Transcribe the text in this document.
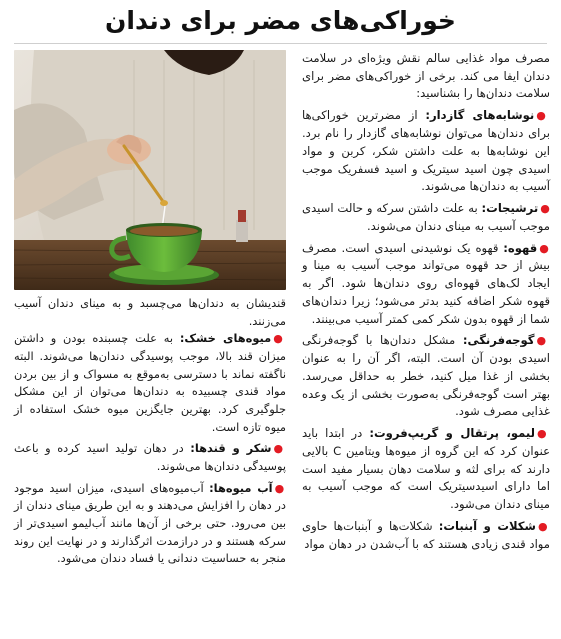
خوراکی‌های مضر برای دندان

مصرف مواد غذایی سالم نقش ویژه‌ای در سلامت دندان ایفا می کند. برخی از خوراکی‌های مضر برای سلامت دندان‌ها را بشناسید:

●نوشابه‌های گازدار: از مضرترین خوراکی‌ها برای دندان‌ها می‌توان نوشابه‌های گازدار را نام برد. این نوشابه‌ها به علت داشتن شکر، کربن و مواد اسیدی چون اسید سیتریک و اسید فسفریک موجب آسیب به دندان‌ها می‌شوند.

●ترشیجات: به علت داشتن سرکه و حالت اسیدی موجب آسیب به مینای دندان می‌شوند.

●قهوه: قهوه یک نوشیدنی اسیدی است. مصرف بیش از حد قهوه می‌تواند موجب آسیب به مینا و ایجاد لک‌های قهوه‌ای روی دندان‌ها شود. اگر به قهوه شکر اضافه کنید بدتر می‌شود؛ زیرا دندان‌های شما از قهوه بدون شکر کمی کمتر آسیب می‌بینند.

●گوجه‌فرنگی: مشکل دندان‌ها با گوجه‌فرنگی اسیدی بودن آن است. البته، اگر آن را به عنوان بخشی از غذا میل کنید، خطر به حداقل می‌رسد. بهتر است گوجه‌فرنگی به‌صورت بخشی از یک وعده غذایی مصرف شود.

●لیمو، پرتقال و گریپ‌فروت: در ابتدا باید عنوان کرد که این گروه از میوه‌ها ویتامین C بالایی دارند که برای لثه و سلامت دهان بسیار مفید است اما دارای اسیدسیتریک است که موجب آسیب به مینای دندان می‌شود.

●شکلات و آبنبات: شکلات‌ها و آبنبات‌ها حاوی مواد قندی زیادی هستند که با آب‌شدن در دهان مواد

قندیشان به دندان‌ها می‌چسبد و به مینای دندان آسیب می‌زنند.

●میوه‌های خشک: به علت چسبنده بودن و داشتن میزان قند بالا، موجب پوسیدگی دندان‌ها می‌شوند. البته ناگفته نماند با دسترسی به‌موقع به مسواک و از بین بردن مواد قندی چسبیده به دندان‌ها می‌توان از این مشکل جلوگیری کرد. بهترین جایگزین میوه خشک استفاده از میوه تازه است.

●شکر و قندها: در دهان تولید اسید کرده و باعث پوسیدگی دندان‌ها می‌شوند.

●آب میوه‌ها: آب‌میوه‌های اسیدی، میزان اسید موجود در دهان را افزایش می‌دهند و به این طریق مینای دندان از بین می‌رود. حتی برخی از آن‌ها مانند آب‌لیمو اسیدی‌تر از سرکه هستند و در درازمدت اثرگذارند و در نهایت این روند منجر به حساسیت دندانی یا فساد دندان می‌شود.
